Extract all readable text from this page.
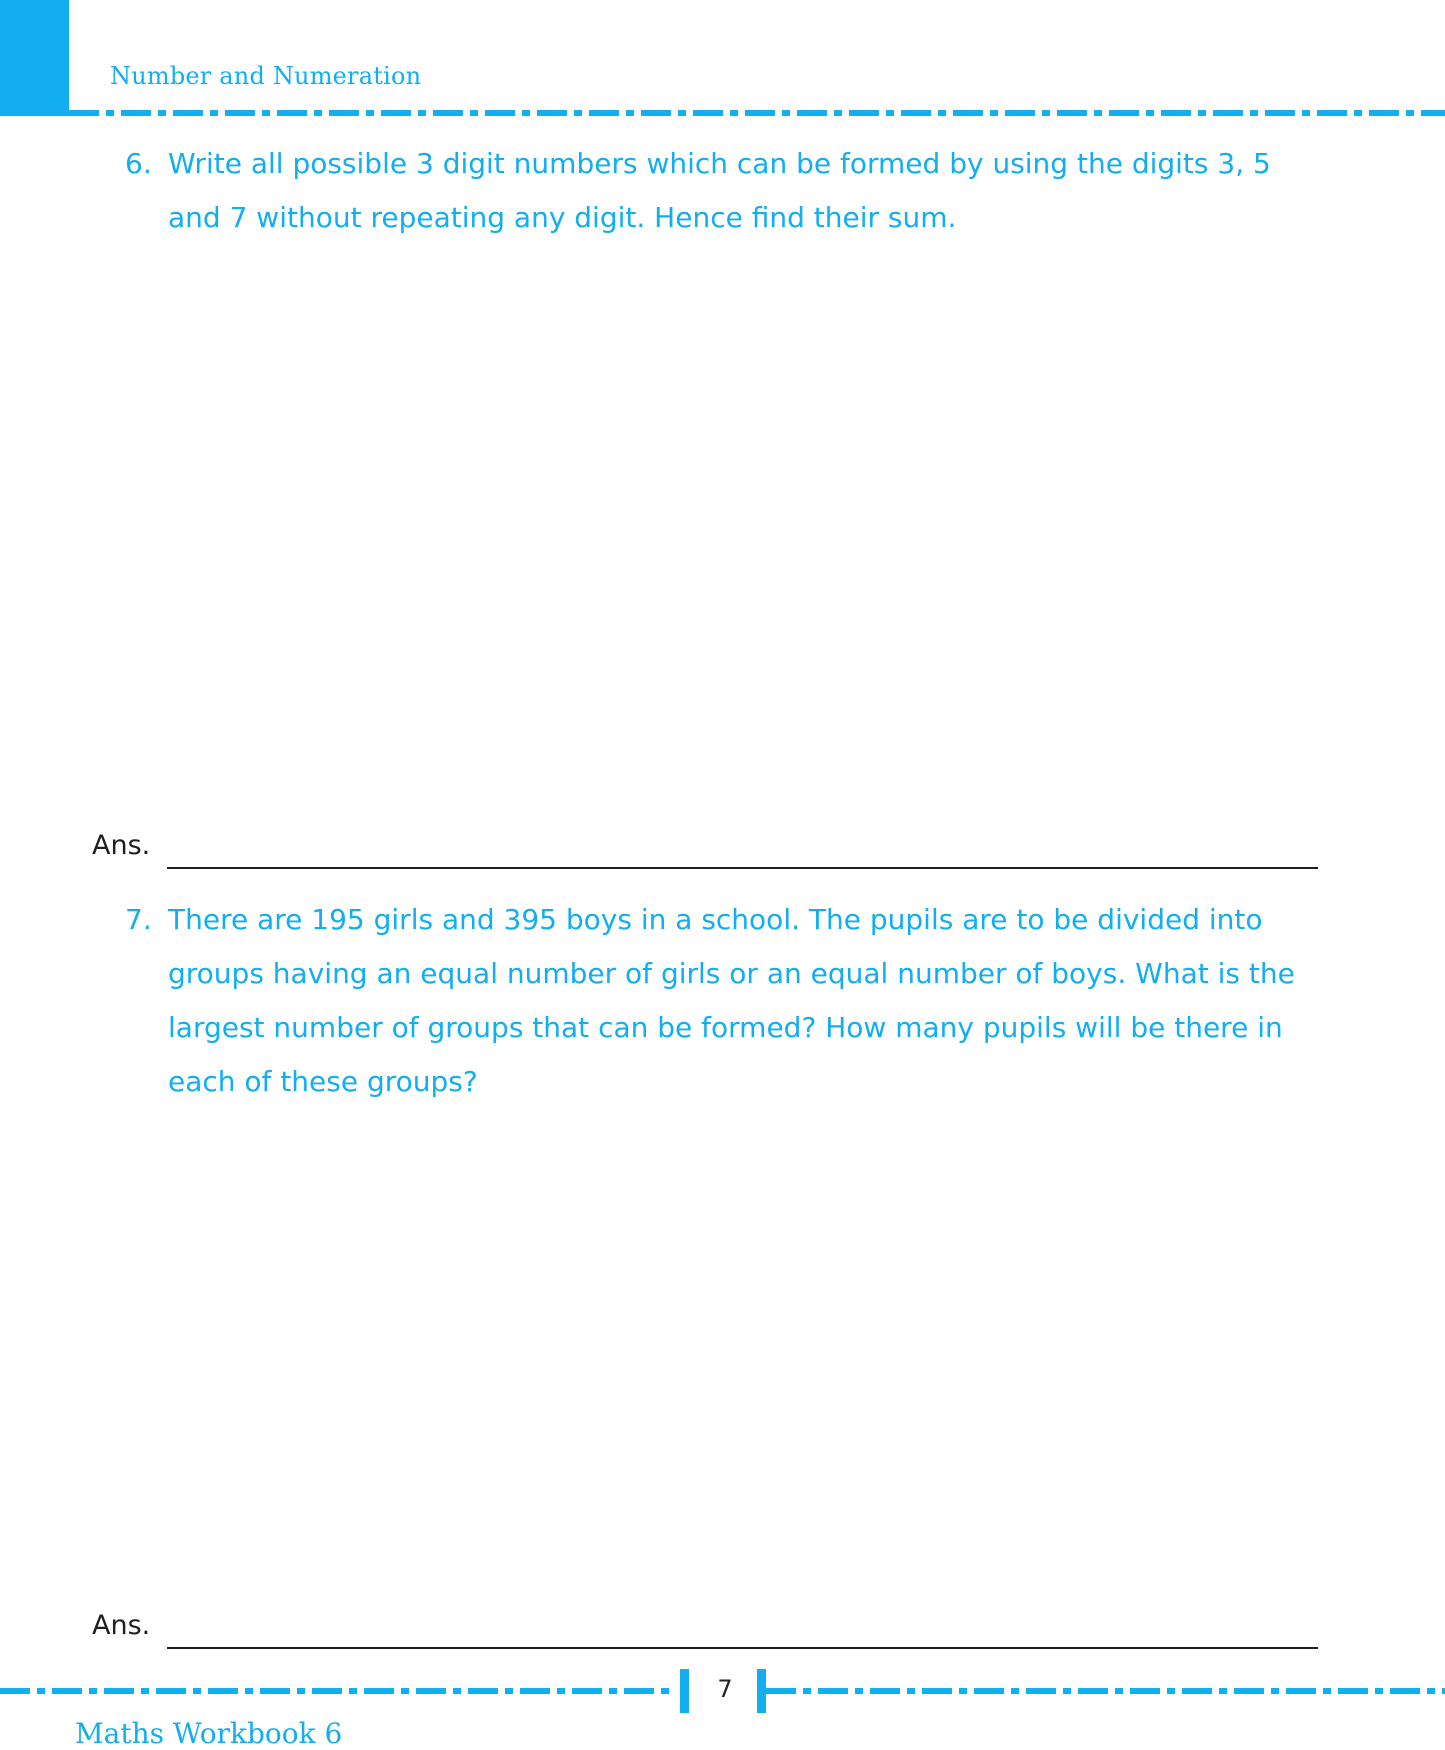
Number and Numeration
6. Write all possible 3 digit numbers which can be formed by using the digits 3, 5 and 7 without repeating any digit. Hence find their sum.
Ans.
7. There are 195 girls and 395 boys in a school. The pupils are to be divided into groups having an equal number of girls or an equal number of boys. What is the largest number of groups that can be formed? How many pupils will be there in each of these groups?
Ans.
7
Maths Workbook 6
